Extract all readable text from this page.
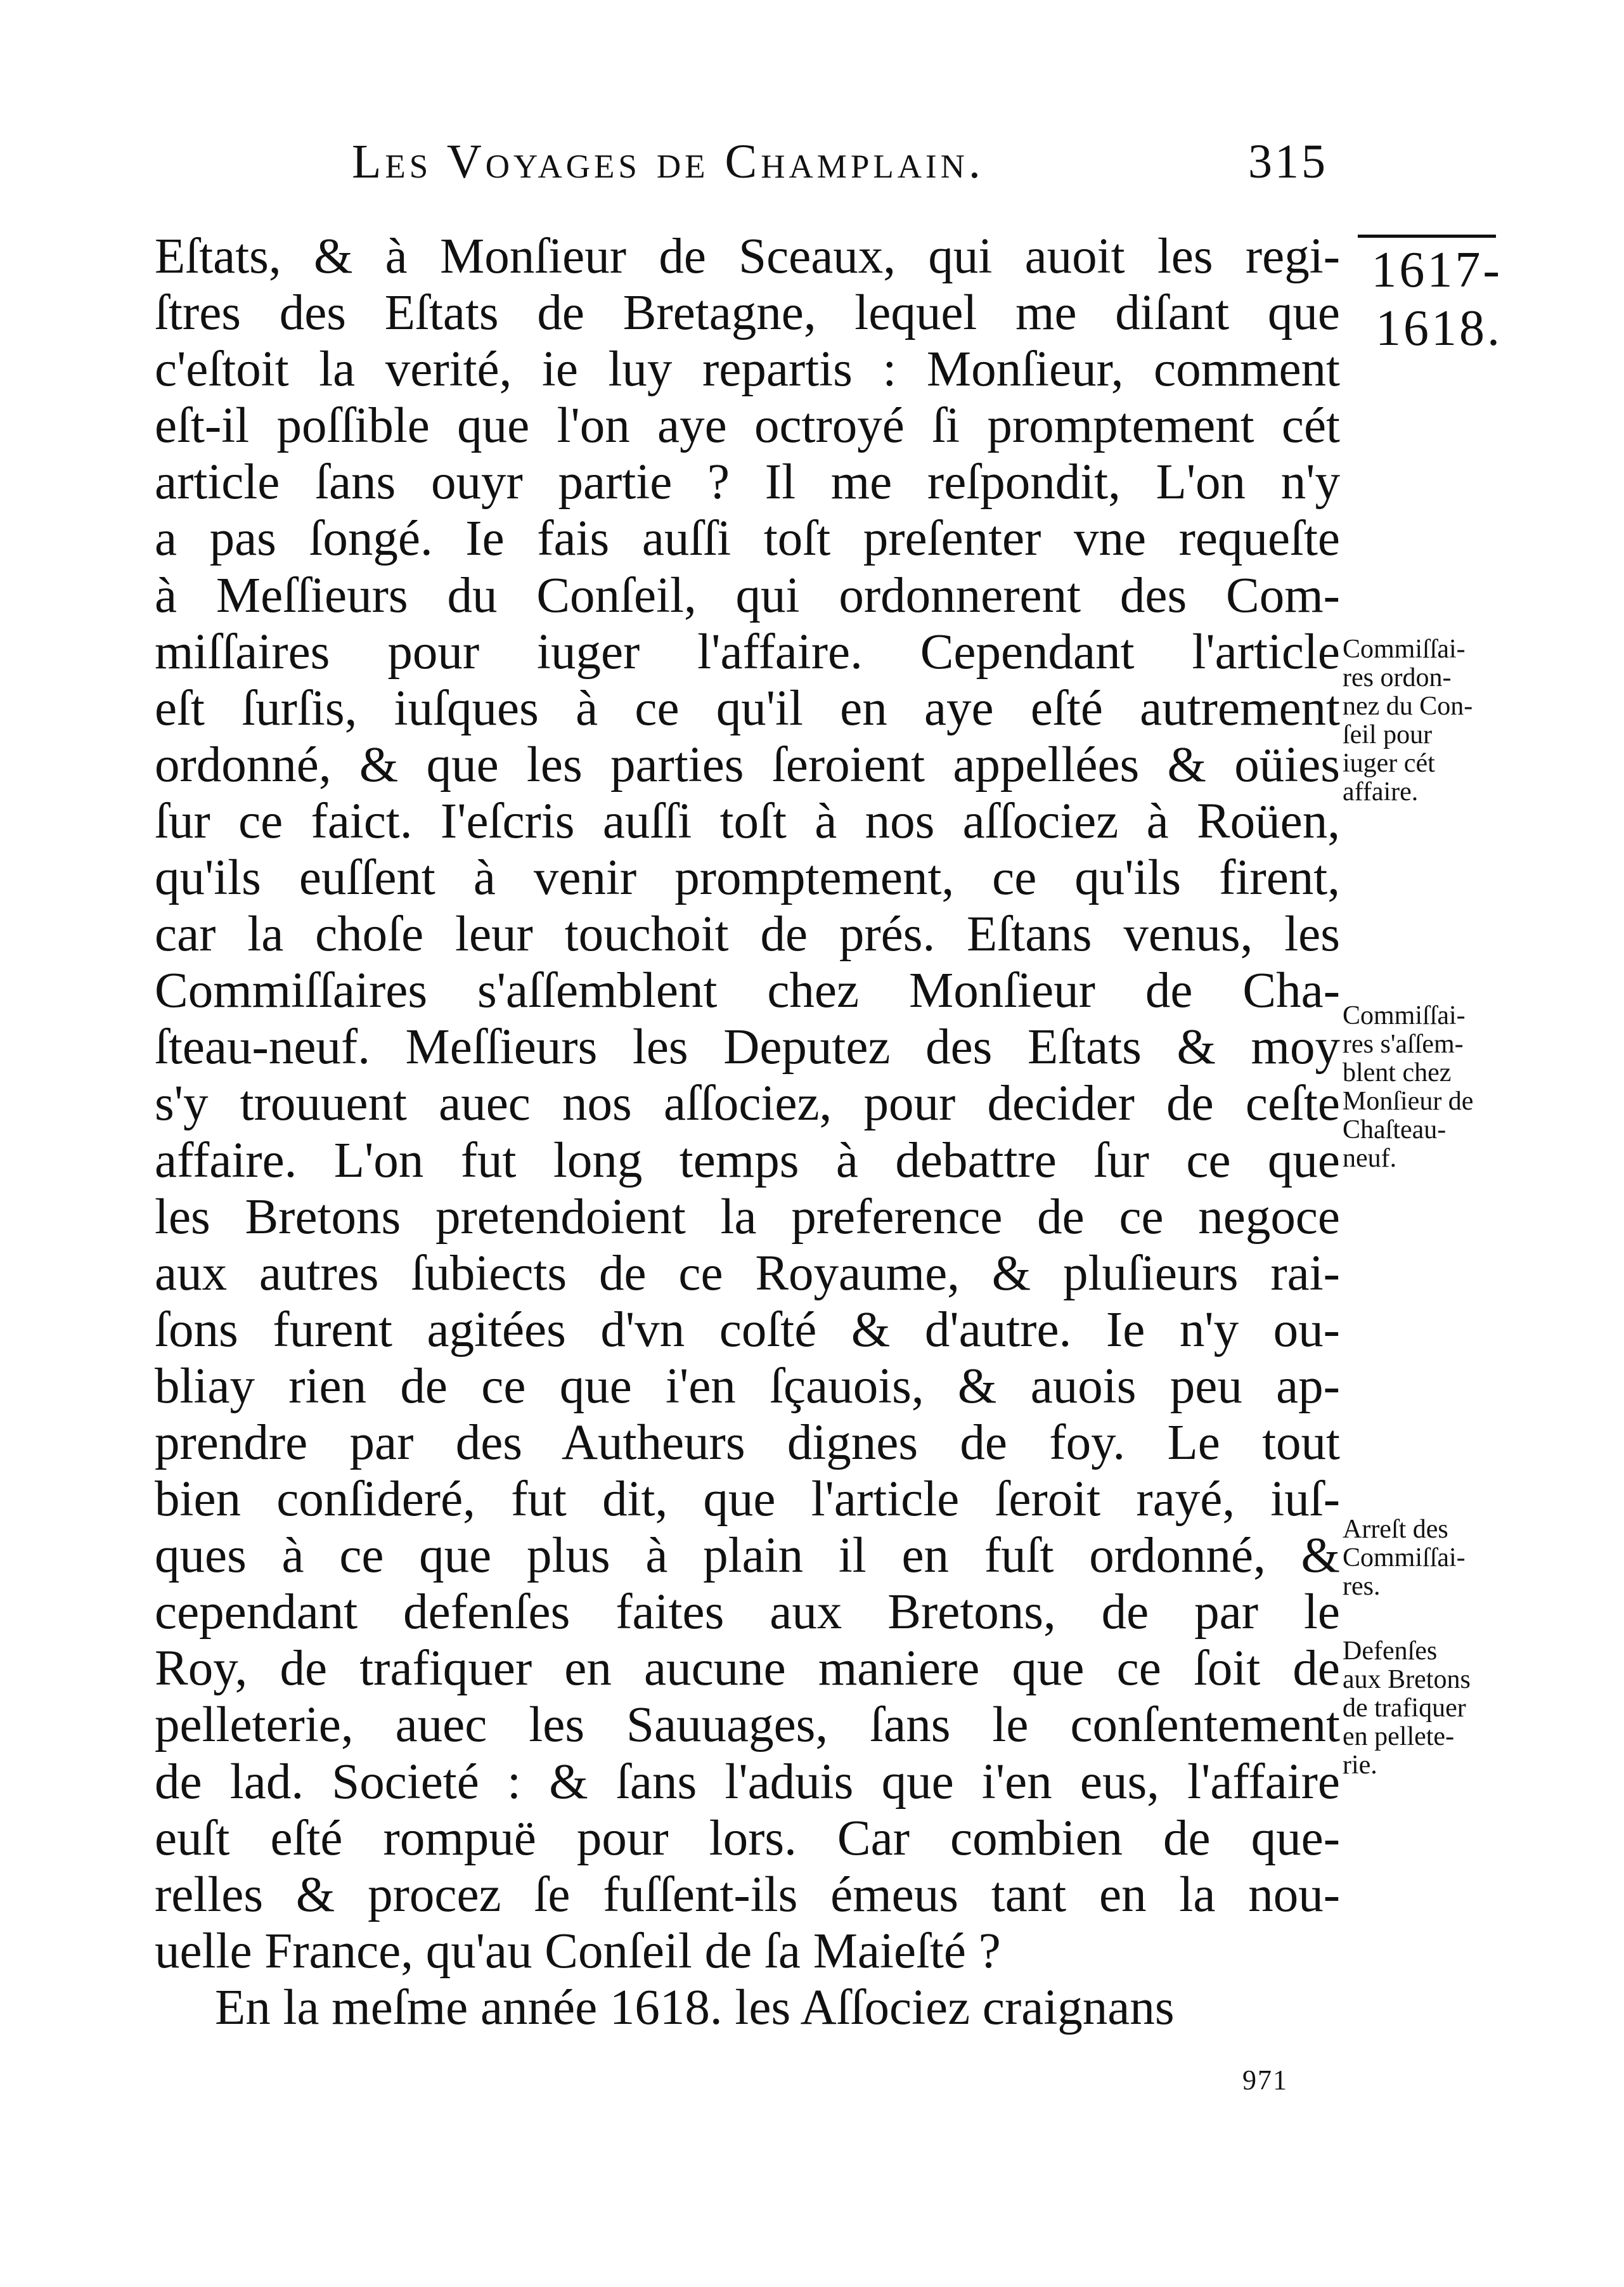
Les Voyages de Champlain.	315
1617-
1618.
Eſtats, & à Monſieur de Sceaux, qui auoit les regi-
ſtres des Eſtats de Bretagne, lequel me diſant que
c'eſtoit la verité, ie luy repartis : Monſieur, comment
eſt-il poſſible que l'on aye octroyé ſi promptement cét
article ſans ouyr partie ? Il me reſpondit, L'on n'y
a pas ſongé. Ie fais auſſi toſt preſenter vne requeſte
à Meſſieurs du Conſeil, qui ordonnerent des Com-
miſſaires pour iuger l'affaire. Cependant l'article
eſt ſurſis, iuſques à ce qu'il en aye eſté autrement
ordonné, & que les parties ſeroient appellées & oüies
ſur ce faict. I'eſcris auſſi toſt à nos aſſociez à Roüen,
qu'ils euſſent à venir promptement, ce qu'ils firent,
car la choſe leur touchoit de prés. Eſtans venus, les
Commiſſaires s'aſſemblent chez Monſieur de Cha-
ſteau-neuf. Meſſieurs les Deputez des Eſtats & moy
s'y trouuent auec nos aſſociez, pour decider de ceſte
affaire. L'on fut long temps à debattre ſur ce que
les Bretons pretendoient la preference de ce negoce
aux autres ſubiects de ce Royaume, & pluſieurs rai-
ſons furent agitées d'vn coſté & d'autre. Ie n'y ou-
bliay rien de ce que i'en ſçauois, & auois peu ap-
prendre par des Autheurs dignes de foy. Le tout
bien conſideré, fut dit, que l'article ſeroit rayé, iuſ-
ques à ce que plus à plain il en fuſt ordonné, &
cependant defenſes faites aux Bretons, de par le
Roy, de trafiquer en aucune maniere que ce ſoit de
pelleterie, auec les Sauuages, ſans le conſentement
de lad. Societé : & ſans l'aduis que i'en eus, l'affaire
euſt eſté rompuë pour lors. Car combien de que-
relles & procez ſe fuſſent-ils émeus tant en la nou-
uelle France, qu'au Conſeil de ſa Maieſté ?
En la meſme année 1618. les Aſſociez craignans
Commiſſai-
res ordon-
nez du Con-
ſeil pour
iuger cét
affaire.
Commiſſai-
res s'aſſem-
blent chez
Monſieur de
Chaſteau-
neuf.
Arreſt des
Commiſſai-
res.
Defenſes
aux Bretons
de trafiquer
en pellete-
rie.
971
